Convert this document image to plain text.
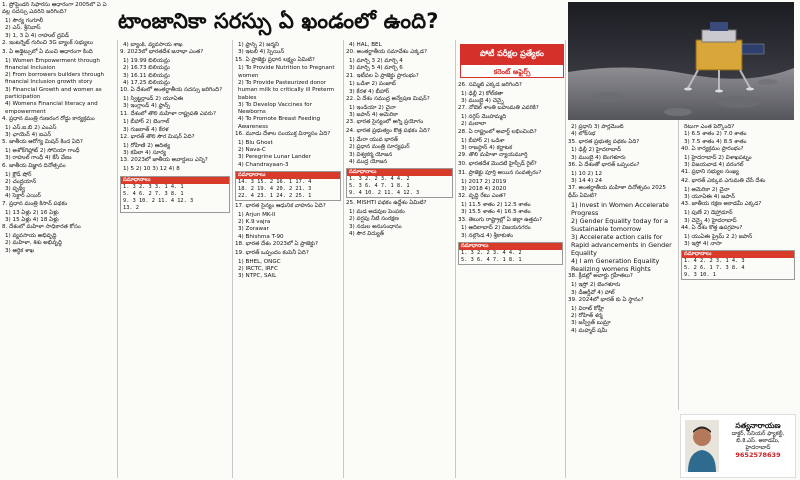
టాంజానికా సరస్సు ఏ ఖండంలో ఉంది?
పోటీ పరీక్షల ప్రత్యేకం
కరెంట్ అఫైర్స్
1. ప్రోఫ్లెండర్ సిఫారసు ఆధారంగా 2005లో ఏ ఏ వల్ల సదస్సు ఎవరిని జరిగింది?
1) సౌర్య గంగూలీ
2) ఎస్. శ్రీనివాస్
3) 1, 3 ఏ 4) రాహుల్ ద్రవిడ్
2. ఇంటర్నెట్ గురించి 3G బ్యాంక్ సభ్యులు
3. ఏ అథ్లెట్సులో ఏ మంచి ఆధారంగా కింది
1) Women Empowerment through financial Inclusion
2) From borrowers builders through financial Inclusion growth story
3) Financial Growth and women as participation
4) Womens Financial literacy and empowerment
4. ప్రధాన మంత్రి గుణరంగ రోడ్డు కార్యక్రమం
1) ఎస్.ఐ.బి 2) ఎంఎస్
3) ఛాయెన్ 4) ఐఎన్
5. జాతీయ ఆరోగ్య మిషన్ కింద ఏది?
1) అశోక్‌గెహ్లాట్ 2) సోనియా గాంధీ
3) రాహుల్ గాంధీ 4) కేసీ వేణు
6. జాతీయ విజ్ఞాన దినోత్సవం
1) క్లౌడ్ షోర్
2) చంద్రయాన్
3) పృథ్వీ
4) సెక్టార్ ఎయిర్
7. ప్రధాన మంత్రి కిసాన్ పథకం
1) 13 ఏళ్లు 2) 16 ఏళ్లు
3) 15 ఏళ్లు 4) 18 ఏళ్లు
8. దేశంలో మహిళా సాధికారత కోసం
1) వ్యవసాయ అభివృద్ధి
2) మహిళా, శిశు అభివృద్ధి
3) ఆర్థిక శాఖ
4) బ్యాంక్, వ్యవసాయ శాఖ
9. 2023లో భారతదేశ జనాభా ఎంత?
1) 19.99 బిలియన్లు
2) 16.73 బిలియన్లు
3) 16.11 బిలియన్లు
4) 17.25 బిలియన్లు
10. ఏ దేశంలో అంతర్జాతీయ సదస్సు జరిగింది?
1) స్విట్జర్లాండ్ 2) యూఏఈ
3) ఇంగ్లాండ్ 4) ఫ్రాన్స్
11. దేశంలో తొలి మహిళా రాష్ట్రపతి ఎవరు?
1) బీహార్ 2) బెంగాల్
3) గుజరాత్ 4) కేరళ
12. భారత్ తొలి సౌర మిషన్ ఏది?
1) రోహిణి 2) ఆదిత్య
3) కపిలా 4) సూర్య
13. 2023లో జాతీయ అవార్డులు ఎన్ని?
1) 5 2) 10 3) 12 4) 8
సమాధానాలు
1. 3 2. 3 3. 1 4. 1
5. 4 6. 2 7. 3 8. 1
9. 3 10. 2 11. 4 12. 3
13. 2
1) ఫ్రాన్స్ 2) జర్మనీ
3) ఇటలీ 4) స్పెయిన్
15. ఏ ప్రాజెక్టు ప్రధాన లక్ష్యం ఏమిటి?
1) To Provide Nutrition to Pregnant women
2) To Provide Pasteurized donor human milk to critically ill Preterm babies
3) To Develop Vaccines for Newborns
4) To Promote Breast Feeding Awareness
16. మూడు దేశాల సంయుక్త విన్యాసం ఏది?
1) Blu Ghost
2) Nava-C
3) Peregrine Lunar Lander
4) Chandrayaan-3
సమాధానాలు
14. 3 15. 2 16. 1 17. 4
18. 2 19. 4 20. 2 21. 3
22. 4 23. 1 24. 2 25. 1
17. భారత సైన్యం ఆధునిక వాహనం ఏది?
1) Arjun MK-II
2) K.9 vajra
3) Zorawar
4) Bhishma T-90
18. భారత దేశం 2023లో ఏ ప్రాజెక్టు?
19. భారత్ ఒప్పందం కంపెనీ ఏది?
1) BHEL, ONGC
2) IRCTC, IRFC
3) NTPC, SAIL
4) HAL, BEL
20. అంతర్జాతీయ సమావేశం ఎక్కడ?
1) మార్చి 3 2) మార్చి 4
3) మార్చి 5 4) మార్చి 6
21. ఇటీవల ఏ ప్రాజెక్టు ప్రారంభం?
1) ఒడిశా 2) పంజాబ్
3) కేరళ 4) బీహార్
22. ఏ దేశం సముద్ర అన్వేషణ మిషన్?
1) ఇండియా 2) చైనా
3) జపాన్ 4) అమెరికా
23. భారత సైన్యంలో అగ్ని ప్రయోగం
24. భారత ప్రభుత్వం కొత్త పథకం ఏది?
1) మేరా యువ భారత్
2) ప్రధాన మంత్రి సూర్యఘర్
3) విశ్వకర్మ యోజన
4) ముద్ర యోజన
సమాధానాలు
1. 3 2. 2 3. 4 4. 2
5. 3 6. 4 7. 1 8. 1
9. 4 10. 2 11. 4 12. 3
25. MISHTI పథకం ఉద్దేశం ఏమిటి?
1) మడ అడవుల పెంపకం
2) వర్షపు నీటి సంరక్షణ
3) నదుల అనుసంధానం
4) సౌర విద్యుత్
26. సమ్మిట్ ఎక్కడ జరిగింది?
1) ఢిల్లీ 2) కోల్‌కతా
3) ముంబై 4) చెన్నై
27. నోబెల్ శాంతి బహుమతి ఎవరికి?
1) నర్గెస్ మొహమ్మది
2) మలాలా
28. ఏ రాష్ట్రంలో అవార్డ్ లభించింది?
1) బీహార్ 2) ఒడిశా
3) రాజస్థాన్ 4) కర్ణాటక
29. తొలి మహిళా న్యాయమూర్తి
30. భారతదేశ మొదటి హైస్పీడ్ రైల్?
31. ప్రాజెక్టు పూర్తి అయిన సంవత్సరం?
1) 2017 2) 2019
3) 2018 4) 2020
32. వృద్ధి రేటు ఎంత?
1) 11.5 శాతం 2) 12.5 శాతం
3) 15.5 శాతం 4) 16.5 శాతం
33. తెలుగు రాష్ట్రాల్లో ఏ జిల్లా ఉత్తమ?
1) ఆదిలాబాద్ 2) విజయనగరం
3) నల్గొండ 4) శ్రీకాకుళం
సమాధానాలు
1. 3 2. 2 3. 4 4. 2
5. 3 6. 4 7. 1 8. 1
2) ప్రధాని 3) పార్లమెంట్
4) లోక్‌సభ
35. భారత ప్రభుత్వ పథకం ఏది?
1) ఢిల్లీ 2) హైదరాబాద్
3) ముంబై 4) బెంగళూరు
36. ఏ దేశంతో భారత్ ఒప్పందం?
1) 10 2) 12
3) 14 4) 24
37. అంతర్జాతీయ మహిళా దినోత్సవం 2025 థీమ్ ఏమిటి?
1) Invest in Women Accelerate Progress
2) Gender Equality today for a Sustainable tomorrow
3) Accelerate action calls for Rapid advancements in Gender Equality
4) I am Generation Equality Realizing womens Rights
38. క్రీడల్లో అవార్డు గ్రహీతలు?
1) ఇస్రో 2) బెంగళూరు
3) డీఆర్డీవో 4) హాల్
39. 2024లో భారత్ కు ఏ స్థానం?
1) విరాట్ కోహ్లీ
2) రోహిత్ శర్మ
3) జస్ప్రీత్ బుమ్రా
4) మహ్మద్ షమీ
రేటుగా ఎంత పేర్కొంది?
1) 6.5 శాతం 2) 7.0 శాతం
3) 7.5 శాతం 4) 8.5 శాతం
40. ఏ కార్యక్రమం ప్రారంభం?
1) హైదరాబాద్ 2) విశాఖపట్నం
3) విజయవాడ 4) వరంగల్
41. ప్రధాని సభ్యుల సంఖ్య
42. భారత్ ఎక్కువ ఎగుమతి చేసే దేశం
1) అమెరికా 2) చైనా
3) యూఏఈ 4) జపాన్
43. జాతీయ రక్షణ అకాడమీ ఎక్కడ?
1) పుణే 2) డెహ్రాడూన్
3) చెన్నై 4) హైదరాబాద్
44. ఏ దేశం కొత్త ఉపగ్రహం?
1) యుఏఈ ప్రైమ్ 2 2) జపాన్
3) ఇస్రో 4) నాసా
సమాధానాలు
1. 4 2. 2 3. 1 4. 3
5. 2 6. 1 7. 3 8. 4
9. 3 10. 1
సత్యనారాయణ
డాక్టర్, సీనియర్ ఫ్యాకల్టీ,
బి.కె.ఎస్. అకాడమీ, హైదరాబాద్
9652578639
